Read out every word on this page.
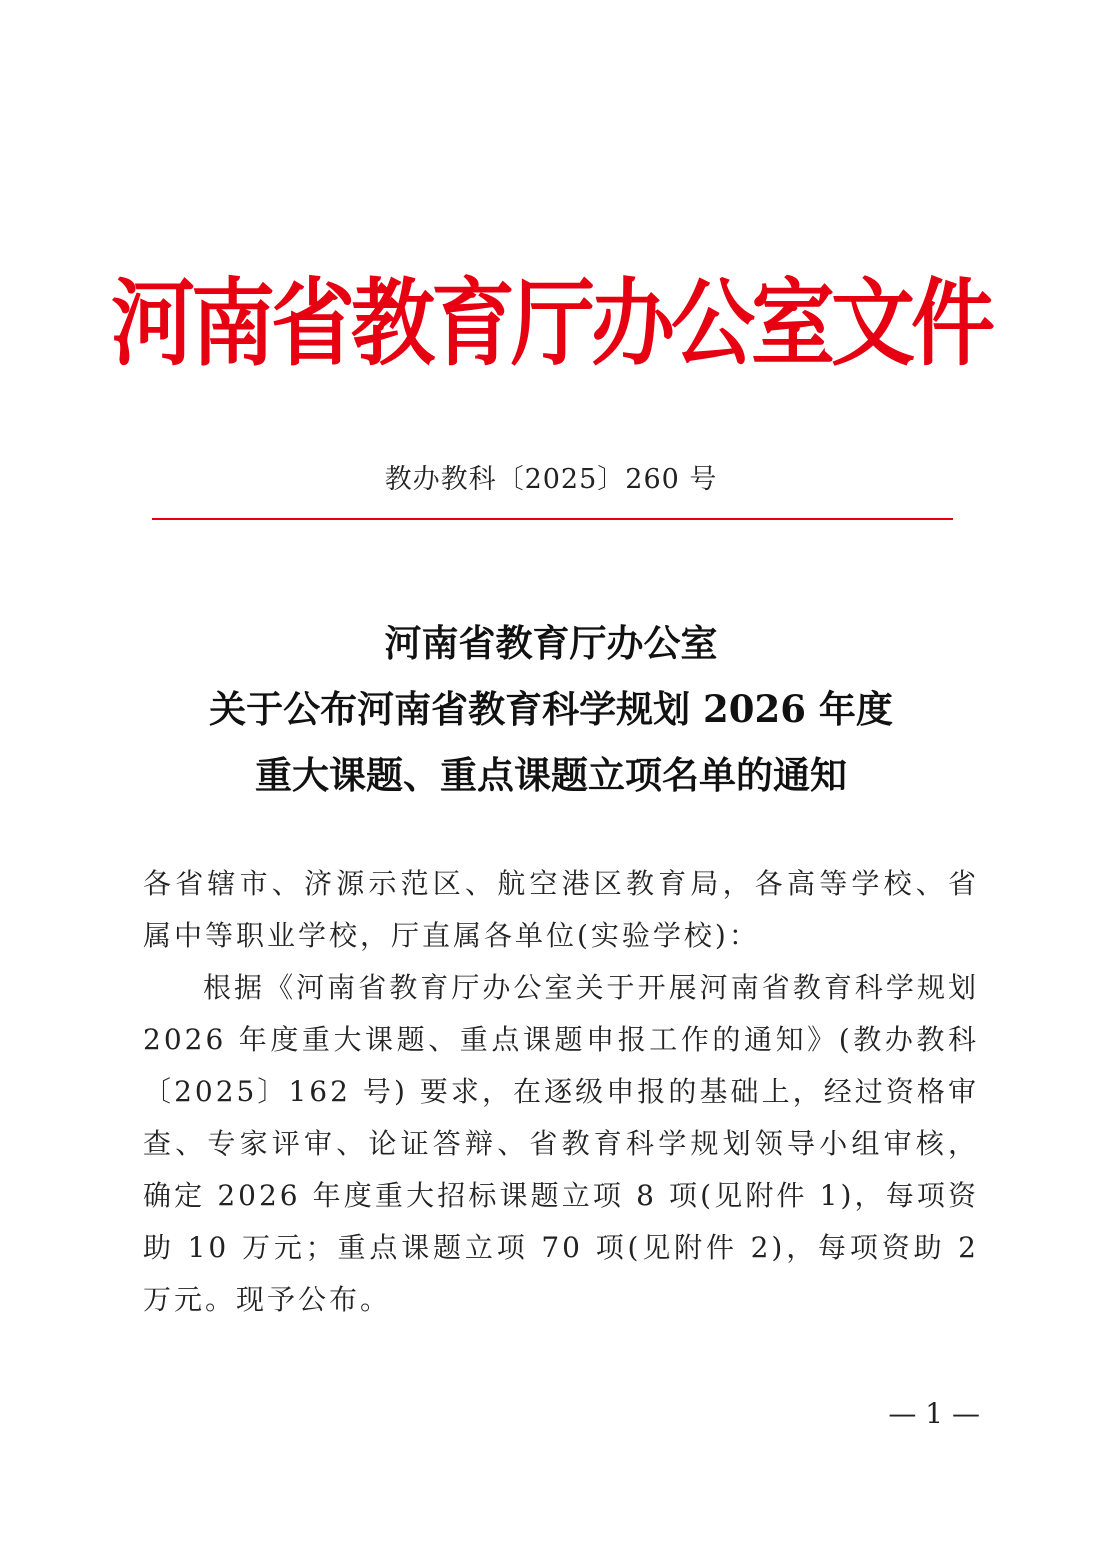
河南省教育厅办公室文件
教办教科〔2025〕260 号
河南省教育厅办公室
关于公布河南省教育科学规划 2026 年度
重大课题、重点课题立项名单的通知

各省辖市、济源示范区、航空港区教育局，各高等学校、省属中等职业学校，厅直属各单位(实验学校)：

根据《河南省教育厅办公室关于开展河南省教育科学规划 2026 年度重大课题、重点课题申报工作的通知》(教办教科〔2025〕162 号) 要求，在逐级申报的基础上，经过资格审查、专家评审、论证答辩、省教育科学规划领导小组审核，确定 2026 年度重大招标课题立项 8 项(见附件 1)，每项资助 10 万元；重点课题立项 70 项(见附件 2)，每项资助 2 万元。现予公布。

— 1 —
